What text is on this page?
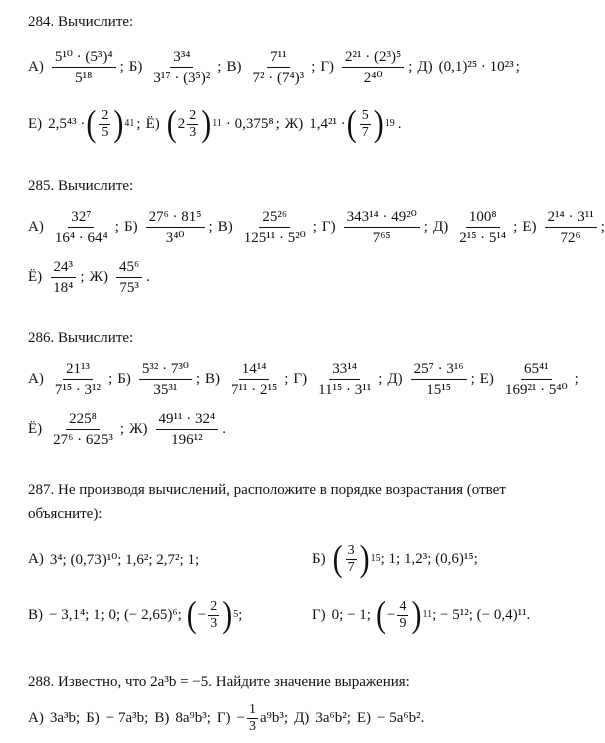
284. Вычислите:
$А) \frac{\text{5¹⁰ · (5³)⁴}}{\text{5¹⁸}}$ ; $Б) \frac{\text{3³⁴}}{\text{3¹⁷ · (3⁵)²}}$ ; $В) \frac{\text{7¹¹}}{\text{7² · (7⁴)³}}$ ; $Г) \frac{\text{2²¹ · (2³)⁵}}{\text{2⁴⁰}}$ ; Д) (0,1)²⁵ · 10²³ ;
Е) 2,5⁴³ · ( $\frac{2}{5}$ ) 41 ; Ё) ( $2 \frac{2}{3}$ ) 11 · 0,375⁸ ; Ж) 1,4²¹ · ( $\frac{5}{7}$ ) 19 .
285. Вычислите:
$А) \frac{\text{32⁷}}{\text{16⁴ · 64⁴}}$ ; $Б) \frac{\text{27⁶ · 81⁵}}{\text{3⁴⁰}}$ ; $В) \frac{\text{25²⁶}}{\text{125¹¹ · 5²⁰}}$ ; $Г) \frac{\text{343¹⁴ · 49²⁰}}{\text{7⁶⁵}}$ ; $Д) \frac{\text{100⁸}}{\text{2¹⁵ · 5¹⁴}}$ ; $Е) \frac{\text{2¹⁴ · 3¹¹}}{\text{72⁶}}$ ;
$Ё) \frac{\text{24³}}{\text{18⁴}}$ ; $Ж) \frac{\text{45⁶}}{\text{75³}}$ .
286. Вычислите:
$А) \frac{\text{21¹³}}{\text{7¹⁵ · 3¹²}}$ ; $Б) \frac{\text{5³² · 7³⁰}}{\text{35³¹}}$ ; $В) \frac{\text{14¹⁴}}{\text{7¹¹ · 2¹⁵}}$ ; $Г) \frac{\text{33¹⁴}}{\text{11¹⁵ · 3¹¹}}$ ; $Д) \frac{\text{25⁷ · 3¹⁶}}{\text{15¹⁵}}$ ; $Е) \frac{\text{65⁴¹}}{\text{169²¹ · 5⁴⁰}}$ ;
$Ё) \frac{\text{225⁸}}{\text{27⁶ · 625³}}$ ; $Ж) \frac{\text{49¹¹ · 32⁴}}{\text{196¹²}}$ .
287. Не производя вычислений, расположите в порядке возрастания (ответ
объясните):
А) 3⁴; (0,73)¹⁰; 1,6²; 2,7²; 1;	Б) ( $\frac{3}{7}$ ) 15 ; 1; 1,2³; (0,6)¹⁵;
В) − 3,1⁴; 1; 0; (− 2,65)⁶; ( − $\frac{2}{3}$ ) 5 ;	Г) 0; − 1; ( − $\frac{4}{9}$ ) 11 ; − 5¹²; (− 0,4)¹¹.
288. Известно, что 2a³b = −5. Найдите значение выражения:
А) 3a³b; Б) − 7a³b; В) 8a⁹b³; $Г) - \frac{1}{3} a^9b^3$; Д) 3a⁶b²; Е) − 5a⁶b².
